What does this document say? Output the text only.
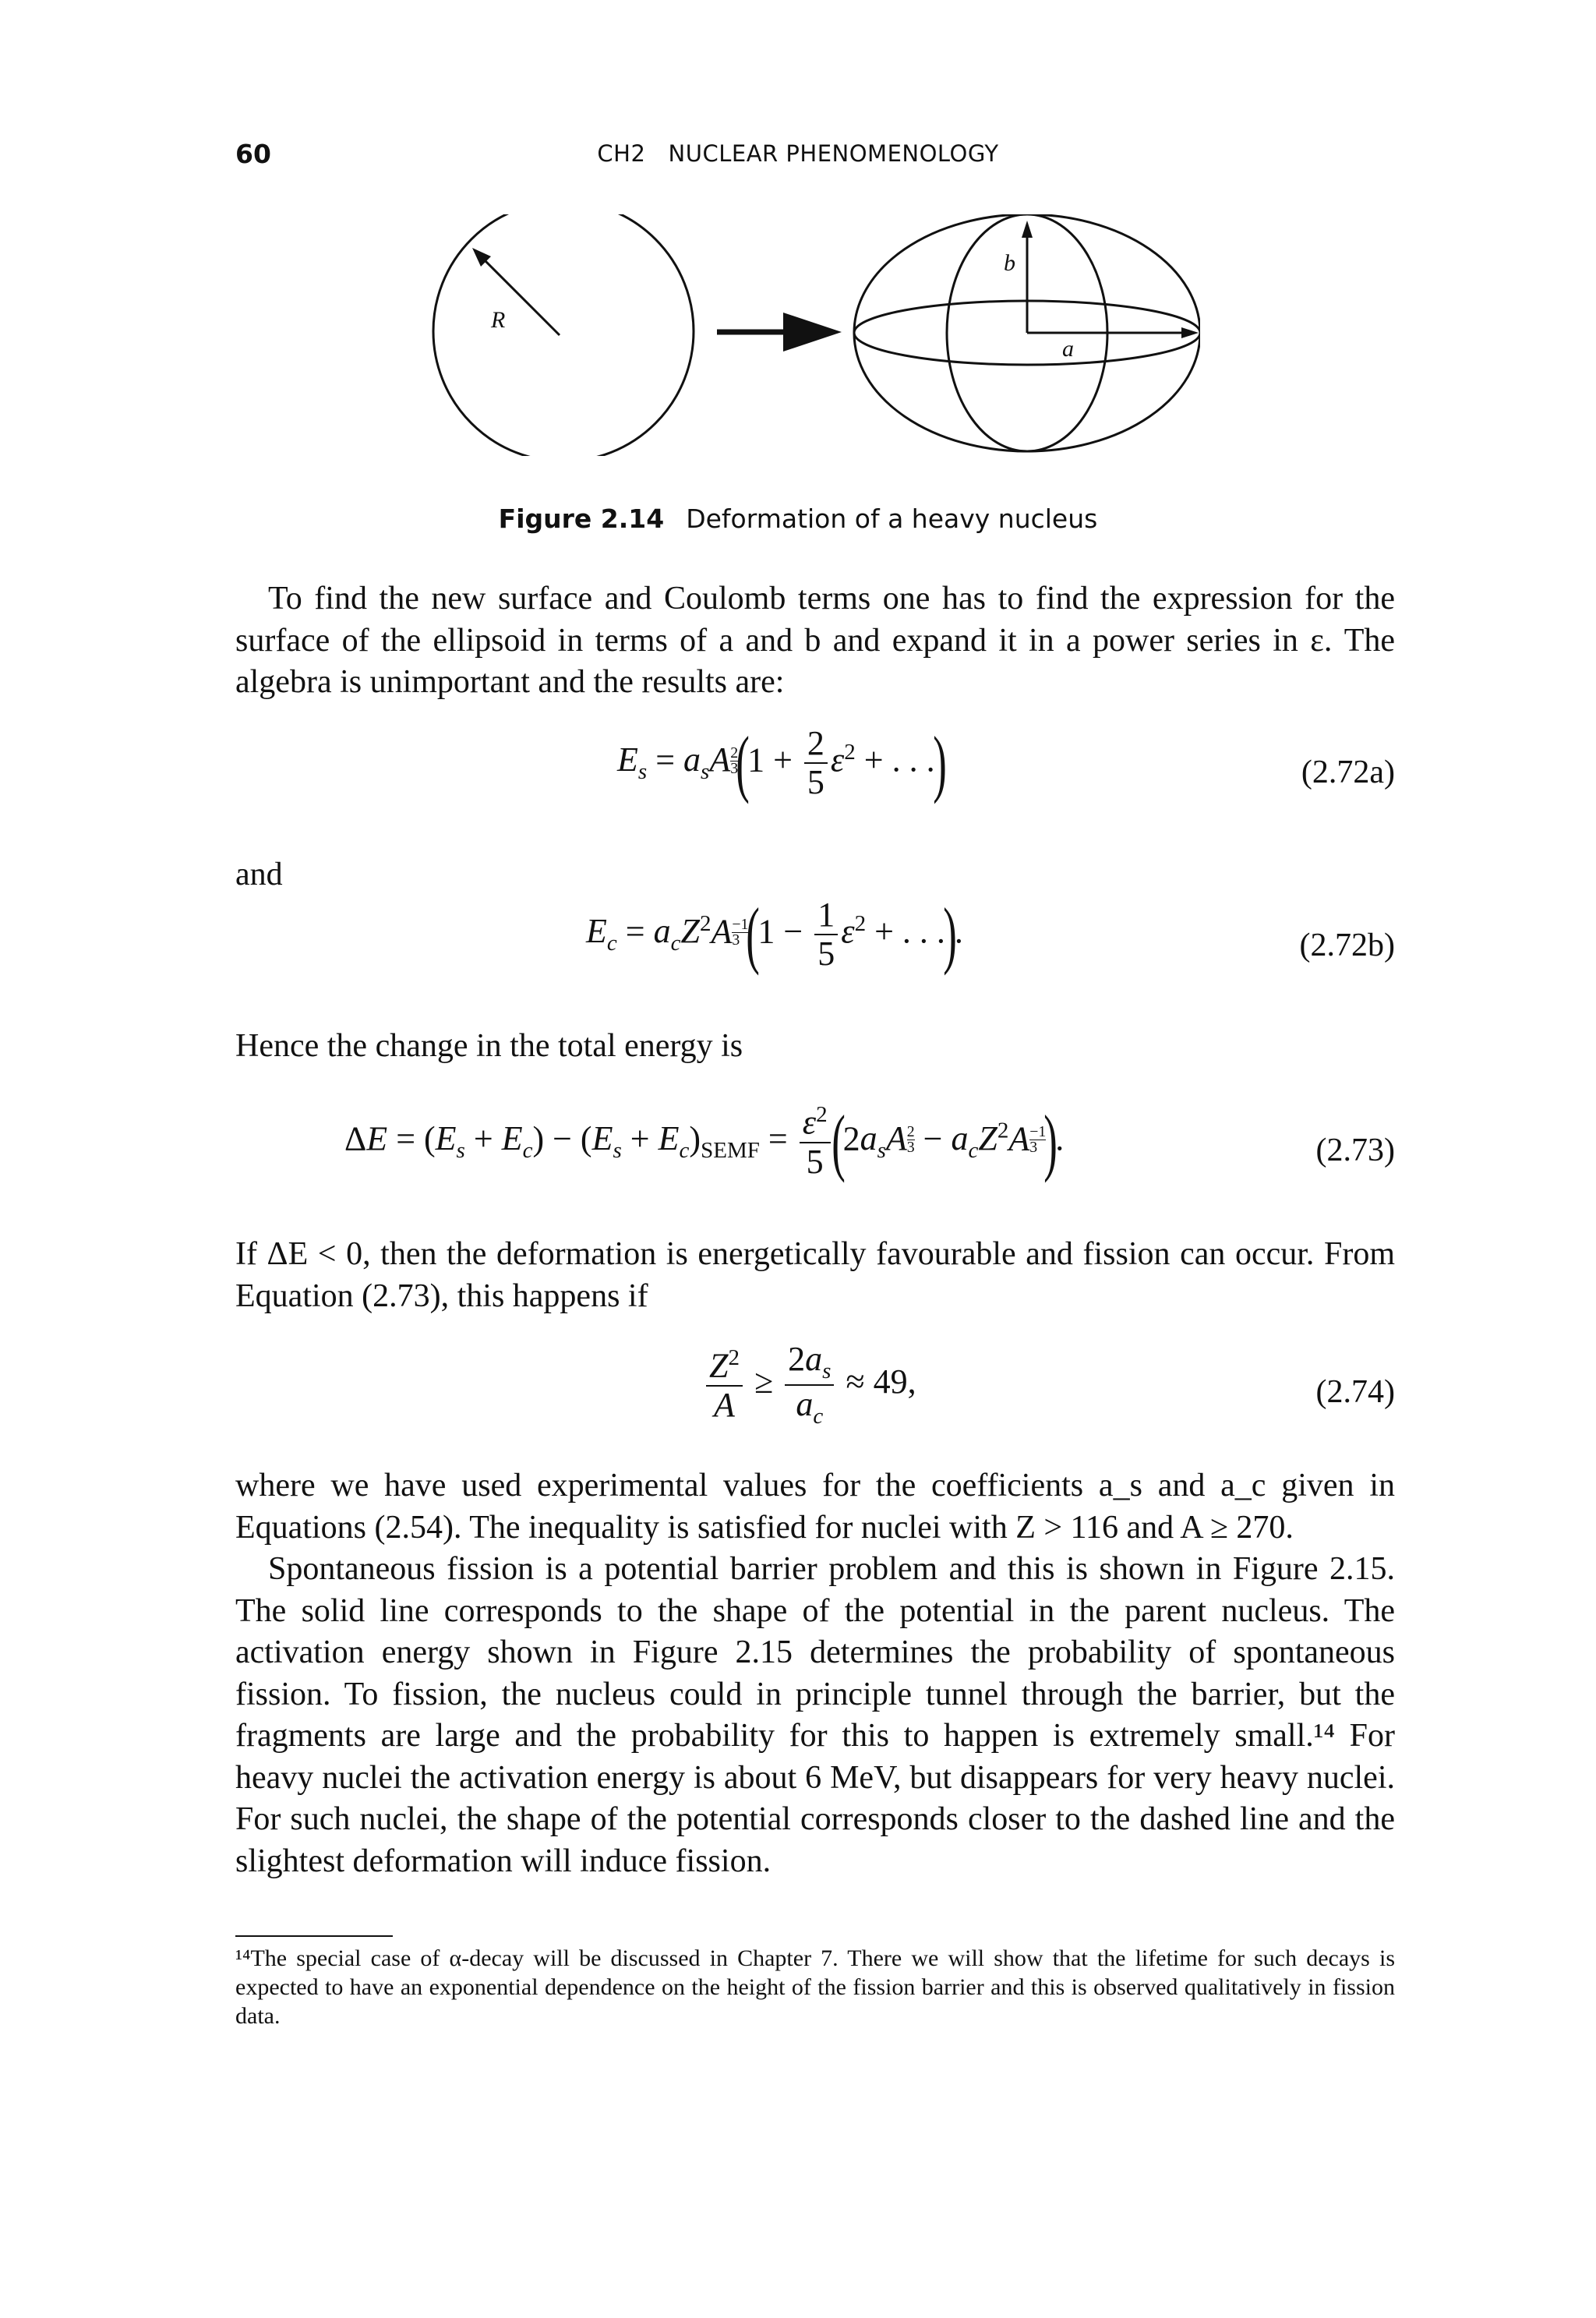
60	CH2   NUCLEAR PHENOMENOLOGY
R
b
a
Figure 2.14 Deformation of a heavy nucleus
To find the new surface and Coulomb terms one has to find the expression for the surface of the ellipsoid in terms of a and b and expand it in a power series in ε. The algebra is unimportant and the results are:
$E_s = a_sA \frac{2}{3}$
($1 + \frac{2}{5} \varepsilon^2$ + . . .)	(2.72a)
and
$E_c = a_cZ^2A \frac{-1}{3}$
($1 - \frac{1}{5} \varepsilon^2$ + . . .).	(2.72b)
Hence the change in the total energy is
$\Delta E = (E_s + E_c) - (E_s + E_c)_{SEMF} = \frac{\varepsilon^2}{5} (2a_sA \frac{2}{3} - a_cZ^2A \frac{-1}{3}$
).	(2.73)
If ΔE < 0, then the deformation is energetically favourable and fission can occur. From Equation (2.73), this happens if
$\frac{Z^2}{A} \ge \frac{2a_s}{a_c} \approx 49$,	(2.74)
where we have used experimental values for the coefficients a_s and a_c given in Equations (2.54). The inequality is satisfied for nuclei with Z > 116 and A ≥ 270.
Spontaneous fission is a potential barrier problem and this is shown in Figure 2.15. The solid line corresponds to the shape of the potential in the parent nucleus. The activation energy shown in Figure 2.15 determines the probability of spontaneous fission. To fission, the nucleus could in principle tunnel through the barrier, but the fragments are large and the probability for this to happen is extremely small.¹⁴ For heavy nuclei the activation energy is about 6 MeV, but disappears for very heavy nuclei. For such nuclei, the shape of the potential corresponds closer to the dashed line and the slightest deformation will induce fission.
¹⁴The special case of α-decay will be discussed in Chapter 7. There we will show that the lifetime for such decays is expected to have an exponential dependence on the height of the fission barrier and this is observed qualitatively in fission data.
